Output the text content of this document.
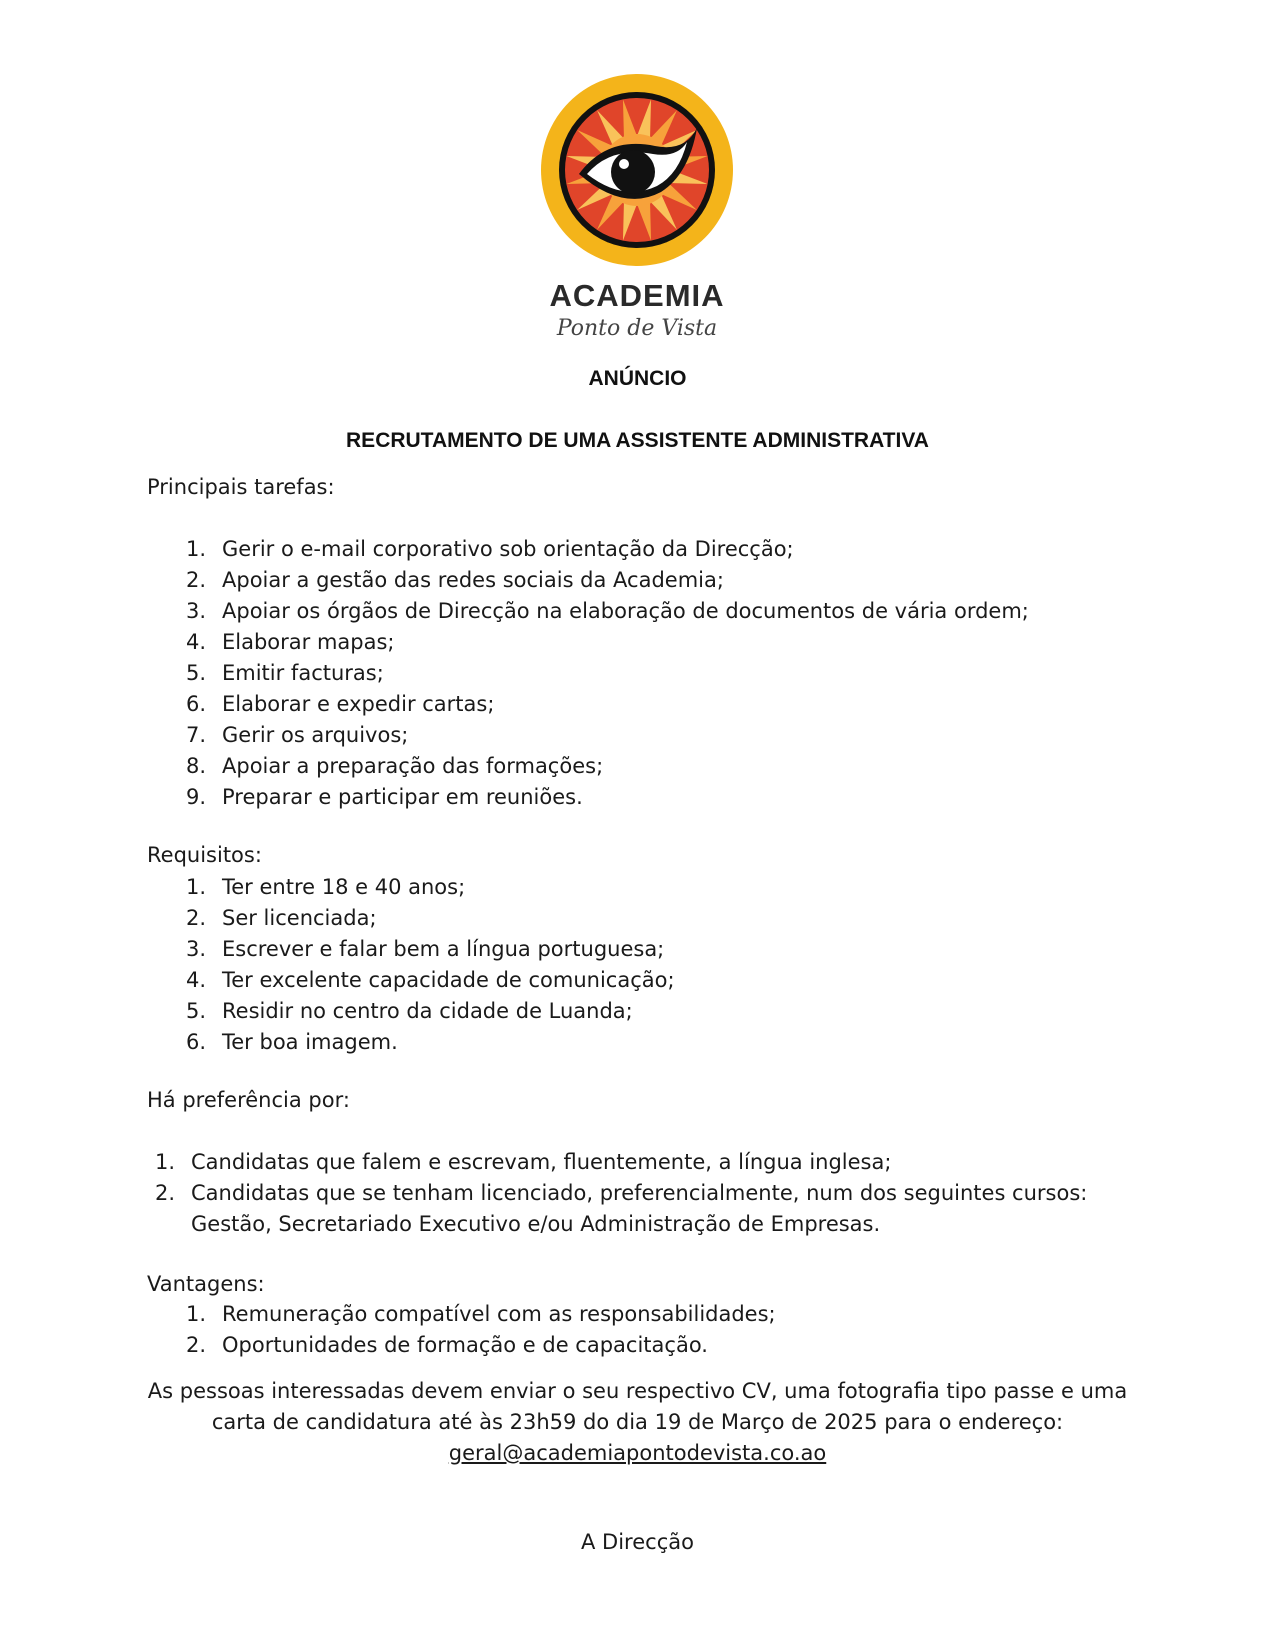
ACADEMIA
Ponto de Vista
ANÚNCIO
RECRUTAMENTO DE UMA ASSISTENTE ADMINISTRATIVA
Principais tarefas:
1. Gerir o e-mail corporativo sob orientação da Direcção;
2. Apoiar a gestão das redes sociais da Academia;
3. Apoiar os órgãos de Direcção na elaboração de documentos de vária ordem;
4. Elaborar mapas;
5. Emitir facturas;
6. Elaborar e expedir cartas;
7. Gerir os arquivos;
8. Apoiar a preparação das formações;
9. Preparar e participar em reuniões.
Requisitos:
1. Ter entre 18 e 40 anos;
2. Ser licenciada;
3. Escrever e falar bem a língua portuguesa;
4. Ter excelente capacidade de comunicação;
5. Residir no centro da cidade de Luanda;
6. Ter boa imagem.
Há preferência por:
1. Candidatas que falem e escrevam, fluentemente, a língua inglesa;
2. Candidatas que se tenham licenciado, preferencialmente, num dos seguintes cursos: Gestão, Secretariado Executivo e/ou Administração de Empresas.
Vantagens:
1. Remuneração compatível com as responsabilidades;
2. Oportunidades de formação e de capacitação.
As pessoas interessadas devem enviar o seu respectivo CV, uma fotografia tipo passe e uma carta de candidatura até às 23h59 do dia 19 de Março de 2025 para o endereço:
geral@academiapontodevista.co.ao
A Direcção
